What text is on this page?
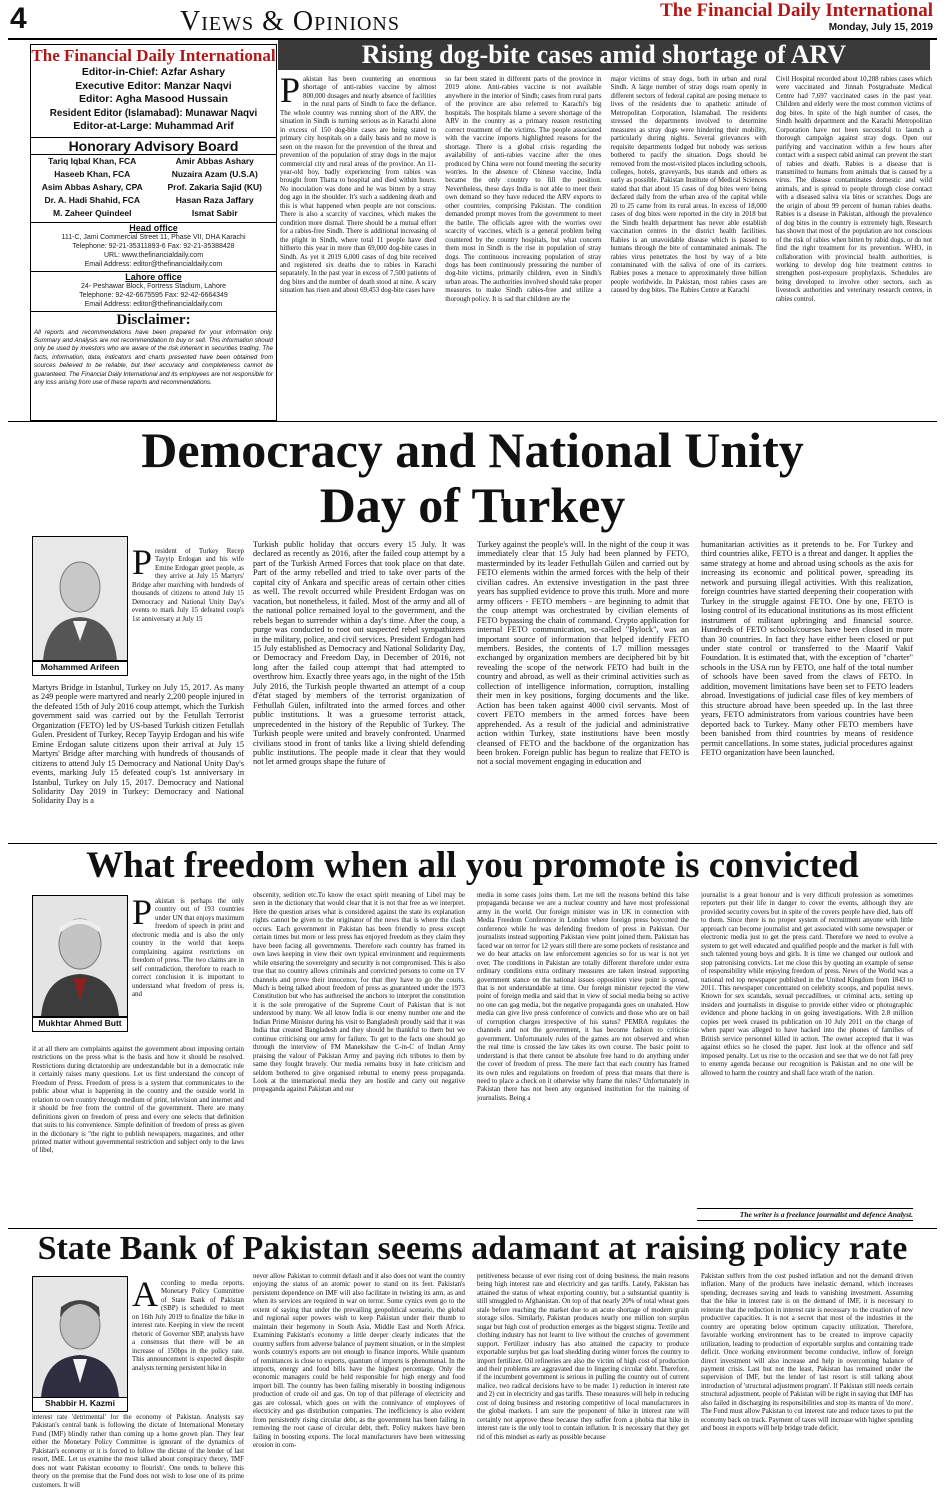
4	Views & Opinions	The Financial Daily International
Monday, July 15, 2019
The Financial Daily International
Editor-in-Chief: Azfar Ashary
Executive Editor: Manzar Naqvi
Editor: Agha Masood Hussain
Resident Editor (Islamabad): Munawar Naqvi
Editor-at-Large: Muhammad Arif
Honorary Advisory Board
Tariq Iqbal Khan, FCA	Amir Abbas Ashary
Haseeb Khan, FCA	Nuzaira Azam (U.S.A)
Asim Abbas Ashary, CPA	Prof. Zakaria Sajid (KU)
Dr. A. Hadi Shahid, FCA	Hasan Raza Jaffary
M. Zaheer Quindeel	Ismat Sabir
Head office
111-C, Jami Commercial Street 11, Phase VII, DHA Karachi
Telephone: 92-21-35311893-6 Fax: 92-21-35388428
URL: www.thefinancialdaily.com
Email Address: editor@thefinancialdaily.com
Lahore office
24- Peshawar Block, Fortress Stadium, Lahore
Telephone: 92-42-6675595 Fax: 92-42-6664349
Email Address: editor@thefinancialdaily.com
Disclaimer:
All reports and recommendations have been prepared for your information only. Summary and Analysis are not recommendation to buy or sell. This information should only be used by investors who are aware of the risk inherent in securities trading. The facts, information, data, indicators and charts presented have been obtained from sources believed to be reliable, but their accuracy and completeness cannot be guaranteed. The Financial Daily International and its employees are not responsible for any loss arising from use of these reports and recommendations.
Rising dog-bite cases amid shortage of ARV
Pakistan has been countering an enormous shortage of anti-rabies vaccine by almost 800,000 dosages and nearly absence of facilities in the rural parts of Sindh to face the defiance. The whole country was running short of the ARV, the situation in Sindh is turning serious as in Karachi alone in excess of 150 dog-bite cases are being stated to primary city hospitals on a daily basis and no move is seen on the reason for the prevention of the threat and prevention of the population of stray dogs in the major commercial city and rural areas of the province. An 11-year-old boy, badly experiencing from rabies was brought from Thatta to hospital and died within hours. No inoculation was done and he was bitten by a stray dog ago in the shoulder. It's such a saddening death and this is what happened when people are not conscious. There is also a scarcity of vaccines, which makes the condition more dismal. There should be a mutual effort for a rabies-free Sindh. There is additional increasing of the plight in Sindh, where total 11 people have died hitherto this year in more than 69,000 dog-bite cases in Sindh. As yet it 2019 6,000 cases of dog bite received and registered six deaths due to rabies in Karachi separately. In the past year in excess of 7,500 patients of dog bites and the number of death stood at nine. A scary situation has risen and about 69,453 dog-bite cases have
so far been stated in different parts of the province in 2019 alone. Anti-rabies vaccine is not available anywhere in the interior of Sindh; cases from rural parts of the province are also referred to Karachi's big hospitals. The hospitals blame a severe shortage of the ARV in the country as a primary reason restricting correct treatment of the victims. The people associated with the vaccine imports highlighted reasons for the shortage. There is a global crisis regarding the availability of anti-rabies vaccine after the ones produced by China were not found meeting the security worries. In the absence of Chinese vaccine, India became the only country to fill the position. Nevertheless, these days India is not able to meet their own demand so they have reduced the ARV exports to other countries, comprising Pakistan. The condition demanded prompt moves from the government to meet the battle. The officials agree with the worries over scarcity of vaccines, which is a general problem being countered by the country hospitals, but what concern them most in Sindh is the rise in population of stray dogs. The continuous increasing population of stray dogs has been continuously pressuring the number of dog-bite victims, primarily children, even in Sindh's urban areas. The authorities involved should take proper measures to make Sindh rabies-free and utilize a thorough policy. It is sad that children are the
major victims of stray dogs, both in urban and rural Sindh. A large number of stray dogs roam openly in different sectors of federal capital are posing menace to lives of the residents due to apathetic attitude of Metropolitan Corporation, Islamabad. The residents stressed the departments involved to determine measures as stray dogs were hindering their mobility, particularly during nights. Several grievances with requisite departments lodged but nobody was serious bothered to pacify the situation. Dogs should be removed from the most-visited places including schools, colleges, hotels, graveyards, bus stands and others as early as possible. Pakistan Institute of Medical Sciences stated that that about 15 cases of dog bites were being declared daily from the urban area of the capital while 20 to 25 came from its rural areas. In excess of 18,000 cases of dog bites were reported in the city in 2018 but the Sindh health department has never able establish vaccination centres in the district health facilities. Rabies is an unavoidable disease which is passed to humans through the bite of contaminated animals. The rabies virus penetrates the host by way of a bite contaminated with the saliva of one of its carriers. Rabies poses a menace to approximately three billion people worldwide. In Pakistan, most rabies cases are caused by dog bites. The Rabies Centre at Karachi
Civil Hospital recorded about 10,288 rabies cases which were vaccinated and Jinnah Postgraduate Medical Centre had 7,697 vaccinated cases in the past year. Children and elderly were the most common victims of dog bites. In spite of the high number of cases, the Sindh health department and the Karachi Metropolitan Corporation have not been successful to launch a thorough campaign against stray dogs. Open our purifying and vaccination within a few hours after contact with a suspect rabid animal can prevent the start of rabies and death. Rabies is a disease that is transmitted to humans from animals that is caused by a virus. The disease contaminates domestic and wild animals, and is spread to people through close contact with a diseased saliva via bites or scratches. Dogs are the origin of about 99 percent of human rabies deaths. Rabies is a disease in Pakistan, although the prevalence of dog bites in the country is extremely high. Research has shown that most of the population are not conscious of the risk of rabies when bitten by rabid dogs, or do not find the right treatment for its prevention. WHO, in collaboration with provincial health authorities, is working to develop dog bite treatment centres to strengthen post-exposure prophylaxis. Schedules are being developed to involve other sectors, such as livestock authorities and veterinary research centres, in rabies control.
Democracy and National Unity
Day of Turkey
Mohammed Arifeen
President of Turkey Recep Tayyip Erdogan and his wife Emine Erdogan greet people, as they arrive at July 15 Martyrs' Bridge after marching with hundreds of thousands of citizens to attend July 15 Democracy and National Unity Day's events to mark July 15 defeated coup's 1st anniversary at July 15
Martyrs Bridge in Istanbul, Turkey on July 15, 2017. As many as 249 people were martyred and nearly 2,200 people injured in the defeated 15th of July 2016 coup attempt, which the Turkish government said was carried out by the Fetullah Terrorist Organization (FETO) led by US-based Turkish citizen Fetullah Gulen. President of Turkey, Recep Tayyip Erdogan and his wife Emine Erdogan salute citizens upon their arrival at July 15 Martyrs' Bridge after marching with hundreds of thousands of citizens to attend July 15 Democracy and National Unity Day's events, marking July 15 defeated coup's 1st anniversary in Istanbul, Turkey on July 15, 2017. Democracy and National Solidarity Day 2019 in Turkey: Democracy and National Solidarity Day is a
Turkish public holiday that occurs every 15 July. It was declared as recently as 2016, after the failed coup attempt by a part of the Turkish Armed Forces that took place on that date. Part of the army rebelled and tried to take over parts of the capital city of Ankara and specific areas of certain other cities as well. The revolt occurred while President Erdogan was on vacation, but nonetheless, it failed. Most of the army and all of the national police remained loyal to the government, and the rebels began to surrender within a day's time. After the coup, a purge was conducted to root out suspected rebel sympathizers in the military, police, and civil services. President Erdogan had 15 July established as Democracy and National Solidarity Day, or Democracy and Freedom Day, in December of 2016, not long after the failed coup attempt that had attempted to overthrow him. Exactly three years ago, in the night of the 15th July 2016, the Turkish people thwarted an attempt of a coup d'état staged by members of the terrorist organization of Fethullah Gülen, infiltrated into the armed forces and other public institutions. It was a gruesome terrorist attack, unprecedented in the history of the Republic of Turkey. The Turkish people were united and bravely confronted. Unarmed civilians stood in front of tanks like a living shield defending public institutions. The people made it clear that they would not let armed groups shape the future of
Turkey against the people's will. In the night of the coup it was immediately clear that 15 July had been planned by FETO, masterminded by its leader Fethullah Gülen and carried out by FETO elements within the armed forces with the help of their civilian cadres. An extensive investigation in the past three years has supplied evidence to prove this truth. More and more army officers - FETO members - are beginning to admit that the coup attempt was orchestrated by civilian elements of FETO bypassing the chain of command. Crypto application for internal FETO communication, so-called "Bylock", was an important source of information that helped identify FETO members. Besides, the contents of 1.7 million messages exchanged by organization members are deciphered bit by bit revealing the scope of the network FETO had built in the country and abroad, as well as their criminal activities such as collection of intelligence information, corruption, installing their men in key positions, forging documents and the like. Action has been taken against 4000 civil servants. Most of covert FETO members in the armed forces have been apprehended. As a result of the judicial and administrative action within Turkey, state institutions have been mostly cleansed of FETO and the backbone of the organization has been broken. Foreign public has begun to realize that FETO is not a social movement engaging in education and
humanitarian activities as it pretends to be. For Turkey and third countries alike, FETO is a threat and danger. It applies the same strategy at home and abroad using schools as the axis for increasing its economic and political power, spreading its network and pursuing illegal activities. With this realization, foreign countries have started deepening their cooperation with Turkey in the struggle against FETO. One by one, FETO is losing control of its educational institutions as its most efficient instrument of militant upbringing and financial source. Hundreds of FETO schools/courses have been closed in more than 30 countries. In fact they have either been closed or put under state control or transferred to the Maarif Vakif Foundation. It is estimated that, with the exception of "charter" schools in the USA run by FETO, one half of the total number of schools have been saved from the claws of FETO. In addition, movement limitations have been set to FETO leaders abroad. Investigations of judicial case files of key members of this structure abroad have been speeded up. In the last three years, FETO administrators from various countries have been deported back to Turkey. Many other FETO members have been banished from third countries by means of residence permit cancellations. In some states, judicial procedures against FETO organization have been launched.
What freedom when all you promote is convicted
Mukhtar Ahmed Butt
Pakistan is perhaps the only country out of 193 countries under UN that enjoys maximum freedom of speech in print and electronic media and is also the only country in the world that keeps complaining against restrictions on freedom of press. The two claims are in self contradiction, therefore to reach to correct conclusion it is important to understand what freedom of press is, and
if at all there are complaints against the government about imposing certain restrictions on the press what is the basis and how it should be resolved. Restrictions during dictatorship are understandable but in a democratic rule it certainly raises many questions. Let us first understand the concept of Freedom of Press. Freedom of press is a system that communicates to the public about what is happening in the country and the outside world in relation to own country through medium of print, television and internet and it should be free from the control of the government. There are many definitions given on freedom of press and every one selects that definition that suits to his convenience. Simple definition of freedom of press as given in the dictionary is "the right to publish newspapers, magazines, and other printed matter without governmental restriction and subject only to the laws of libel,
obscenity, sedition etc.To know the exact spirit meaning of Libel may be seen in the dictionary that would clear that it is not that free as we interpret. Here the question arises what is considered against the state its explanation rights cannot be given to the originator of the news that is where the clash occurs. Each government in Pakistan has been friendly to press except certain times but more or less press has enjoyed freedom as they claim they have been facing all governments. Therefore each country has framed its own laws keeping in view their own typical environment and requirements while ensuring the sovereignty and security is not compromised. This is also true that no country allows criminals and convicted persons to come on TV channels and prove their innocence, for that they have to go the courts. Much is being talked about freedom of press as guaranteed under the 1973 Constitution but who has authorised the anchors to interpret the constitution it is the sole prerogative of the Supreme Court of Pakistan that is not understood by many. We all know India is our enemy number one and the Indian Prime Minister during his visit to Bangladesh proudly said that it was India that created Bangladesh and they should be thankful to them but we continue criticising our army for failure. To get to the facts one should go through the interview of FM Manekshaw the C-in-C of Indian Army praising the valour of Pakistan Army and paying rich tributes to them by same they fought bravely. Our media remains busy in hate criticism and seldom bothered to give organised rebuttal to enemy press propaganda. Look at the international media they are hostile and carry out negative propaganda against Pakistan and our
media in some cases joins them. Let me tell the reasons behind this false propaganda because we are a nuclear country and have most professional army in the world. Our foreign minister was in UK in connection with Media Freedom Conference in London where foreign press boycotted the conference while he was defending freedom of press in Pakistan. Our journalists instead supporting Pakistan view point joined them. Pakistan has faced war on terror for 12 years still there are some pockets of resistance and we do hear attacks on law enforcement agencies so for us war is not yet over. The conditions in Pakistan are totally different therefore under extra ordinary conditions extra ordinary measures are taken instead supporting government stance on the national issues opposition view point is spread, that is not understandable at time. Our foreign minister rejected the view point of foreign media and said that in view of social media being so active no one can gag media, but the negative propaganda goes on unabated. How media can give live press conference of convicts and those who are on bail of corruption charges irrespective of his status? PEMRA regulates the channels and not the government, it has become fashion to criticise government. Unfortunately rules of the games are not observed and when the real time is crossed the law takes its own course. The basic point to understand is that there cannot be absolute free hand to do anything under the cover of freedom of press. The mere fact that each country has framed its own rules and regulations on freedom of press that means that there is need to place a check on it otherwise why frame the rules? Unfortunately in Pakistan there has not been any organised institution for the training of journalists. Being a
journalist is a great honour and is very difficult profession as sometimes reporters put their life in danger to cover the events, although they are provided security covers but in spite of the covers people have died, hats off to them. Since there is no proper system of recruitment anyone with little approach can become journalist and get associated with some newspaper or electronic media just to get the press card. Therefore we need to evolve a system to get well educated and qualified people and the market is full with such talented young boys and girls. It is time we changed our outlook and stop patronising convicts. Let me close this by quoting an example of sense of responsibility while enjoying freedom of press. News of the World was a national red top newspaper published in the United Kingdom from 1843 to 2011. This newspaper concentrated on celebrity scoops, and populist news. Known for sex scandals, sexual peccadilloes, or criminal acts, setting up insiders and journalists in disguise to provide either video or photographic evidence and phone hacking in on going investigations. With 2.8 million copies per week ceased its publication on 10 July 2011 on the charge of when paper was alleged to have hacked into the phones of families of British service personnel killed in action. The owner accepted that it was against ethics so he closed the paper. Just look at the offence and self imposed penalty. Let us rise to the occasion and see that we do not fall prey to enemy agenda because our recognition is Pakistan and no one will be allowed to harm the country and shall face wrath of the nation.
The writer is a freelance journalist and defence Analyst.
State Bank of Pakistan seems adamant at raising policy rate
Shabbir H. Kazmi
According to media reports, Monetary Policy Committee of State Bank of Pakistan (SBP) is scheduled to meet on 16th July 2019 to finalize the hike in interest rate. Keeping in view the recent rhetoric of Governor SBP, analysts have a consensus that there will be an increase of 150bps in the policy rate. This announcement is expected despite analysts terming persistent hike in
interest rate 'detrimental' for the economy of Pakistan. Analysts say Pakistan's central bank is following the dictate of International Monetary Fund (IMF) blindly rather than coming up a home grown plan. They fear either the Monetary Policy Committee is ignorant of the dynamics of Pakistan's economy or it is forced to follow the dictate of the lender of last resort, IME. Let us examine the most talked about conspiracy theory, 'IMF does not want Pakistan economy to flourish'. One tends to believe this theory on the premise that the Fund does not wish to lose one of its prime customers. It will
never allow Pakistan to commit default and it also does not want the country enjoying the status of an atomic power to stand on its feet. Pakistan's persistent dependence on IMF will also facilitate in twisting its arm, as and when its services are required in war on terror. Some cynics even go to the extent of saying that under the prevailing geopolitical scenario, the global and regional super powers wish to keep Pakistan under their thumb to maintain their hegemony in South Asia, Middle East and North Africa. Examining Pakistan's economy a little deeper clearly indicates that the country suffers from adverse balance of payment situation, or in the simplest words country's exports are not enough to finance imports. While quantum of remittances is close to exports, quantum of imports is phenomenal. In the imports, energy and food bills have the highest percentage. Only the economic managers could be held responsible for high energy and food import bill. The country has been failing miserably in boosting indigenous production of crude oil and gas. On top of that pilferage of electricity and gas are colossal, which goes on with the connivance of employees of electricity and gas distribution companies. The inefficiency is also evident from persistently rising circular debt, as the government has been failing in removing the root cause of circular debt, theft. Policy makers have been failing in boosting exports. The local manufacturers have been witnessing erosion in com-
petitiveness because of ever rising cost of doing business, the main reasons being high interest rate and electricity and gas tariffs. Lately, Pakistan has attained the status of wheat exporting country, but a substantial quantity is still smuggled to Afghanistan. On top of that nearly 20% of total wheat goes stale before reaching the market due to an acute shortage of modern grain storage silos. Similarly, Pakistan produces nearly one million ton surplus sugar but high cost of production emerges as the biggest stigma. Textile and clothing industry has not learnt to live without the crutches of government support. Fertilizer industry has also attained the capacity to produce exportable surplus but gas load shedding during winter forces the country to import fertilizer. Oil refineries are also the victim of high cost of production and their problems are aggravated due to lingering circular debt. Therefore, if the incumbent government is serious in pulling the country out of current malice, two radical decisions have to be made: 1) reduction in interest rate and 2) cut in electricity and gas tariffs. These measures will help in reducing cost of doing business and restoring competitive of local manufacturers in the global markets. I am sure the proponent of hike in interest rate will certainly not approve these because they suffer from a phobia that hike in interest rate is the only tool to contain inflation. It is necessary that they get rid of this mindset as early as possible because
Pakistan suffers from the cost pushed inflation and not the demand driven inflation. Many of the products have inelastic demand, which increases spending, decreases saving and leads to vanishing investment. Assuming that the hike in interest rate is on the demand of IMF, it is necessary to reiterate that the reduction in interest rate is necessary to the creation of new productive capacities. It is not a secret that most of the industries in the country are operating below optimum capacity utilization. Therefore, favorable working environment has to be created to improve capacity utilization, leading to production of exportable surplus and containing trade deficit. Once working environment become conducive, inflow of foreign direct investment will also increase and help in overcoming balance of payment crisis. Last but not the least, Pakistan has remained under the supervision of IMF, but the lender of last resort is still talking about introduction of 'structural adjustment program'. If Pakistan still needs certain structural adjustment, people of Pakistan will be right in saying that IMF has also failed in discharging its responsibilities and stop its mantra of 'do more'. The Fund must allow Pakistan to cut interest rate and reduce taxes to put the economy back on track. Payment of taxes will increase with higher spending and boost in exports will help bridge trade deficit.
